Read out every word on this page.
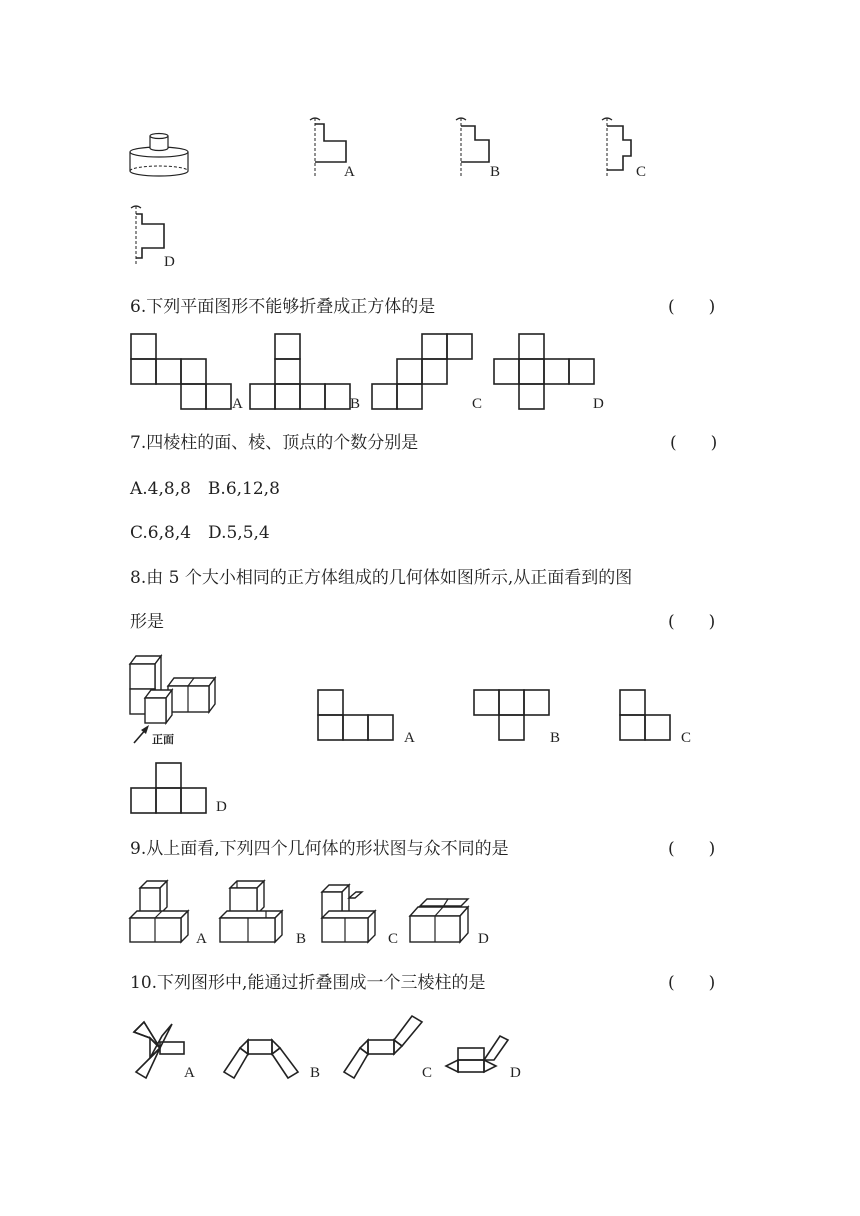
A	B	C
D
6.下列平面图形不能够折叠成正方体的是	(　　)
A	B	C	D
7.四棱柱的面、棱、顶点的个数分别是	(　　)
A.4,8,8　B.6,12,8
C.6,8,4　D.5,5,4
8.由 5 个大小相同的正方体组成的几何体如图所示,从正面看到的图
形是	(　　)
正面	A	B	C
D
9.从上面看,下列四个几何体的形状图与众不同的是	(　　)
A	B	C	D
10.下列图形中,能通过折叠围成一个三棱柱的是	(　　)
A	B	C	D
